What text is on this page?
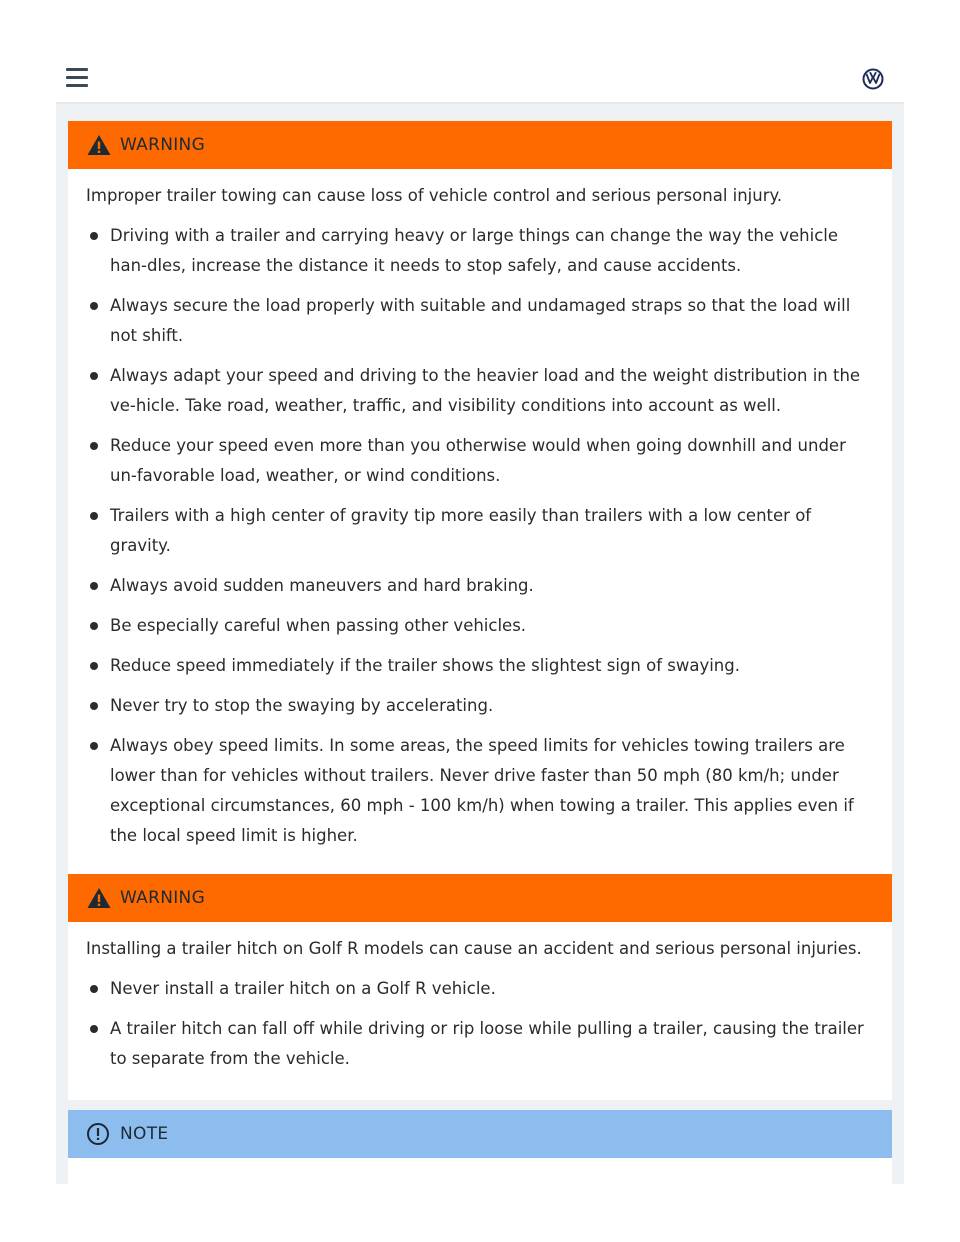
WARNING

Improper trailer towing can cause loss of vehicle control and serious personal injury.

Driving with a trailer and carrying heavy or large things can change the way the vehicle han-dles, increase the distance it needs to stop safely, and cause accidents.
Always secure the load properly with suitable and undamaged straps so that the load will not shift.
Always adapt your speed and driving to the heavier load and the weight distribution in the ve-hicle. Take road, weather, traffic, and visibility conditions into account as well.
Reduce your speed even more than you otherwise would when going downhill and under un-favorable load, weather, or wind conditions.
Trailers with a high center of gravity tip more easily than trailers with a low center of gravity.
Always avoid sudden maneuvers and hard braking.
Be especially careful when passing other vehicles.
Reduce speed immediately if the trailer shows the slightest sign of swaying.
Never try to stop the swaying by accelerating.
Always obey speed limits. In some areas, the speed limits for vehicles towing trailers are lower than for vehicles without trailers. Never drive faster than 50 mph (80 km/h; under exceptional circumstances, 60 mph - 100 km/h) when towing a trailer. This applies even if the local speed limit is higher.
WARNING

Installing a trailer hitch on Golf R models can cause an accident and serious personal injuries.

Never install a trailer hitch on a Golf R vehicle.
A trailer hitch can fall off while driving or rip loose while pulling a trailer, causing the trailer to separate from the vehicle.
NOTE
